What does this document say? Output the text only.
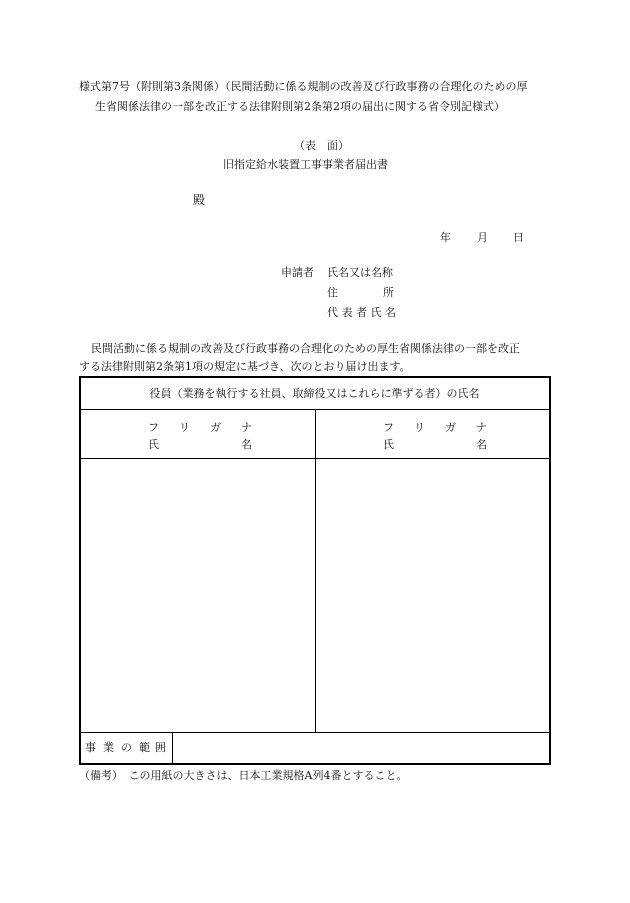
様式第7号（附則第3条関係）（民間活動に係る規制の改善及び行政事務の合理化のための厚
生省関係法律の一部を改正する法律附則第2条第2項の届出に関する省令別記様式）
（表　面）
旧指定給水装置工事事業者届出書
殿
年 月 日
申請者 氏名又は名称
住	所
代 表 者 氏 名
民間活動に係る規制の改善及び行政事務の合理化のための厚生省関係法律の一部を改正
する法律附則第2条第1項の規定に基づき、次のとおり届け出ます。
役員（業務を執行する社員、取締役又はこれらに準ずる者）の氏名
フ リ ガ ナ
氏	名
フ リ ガ ナ
氏	名
事 業 の 範 囲
（備考）　この用紙の大きさは、日本工業規格A列4番とすること。
